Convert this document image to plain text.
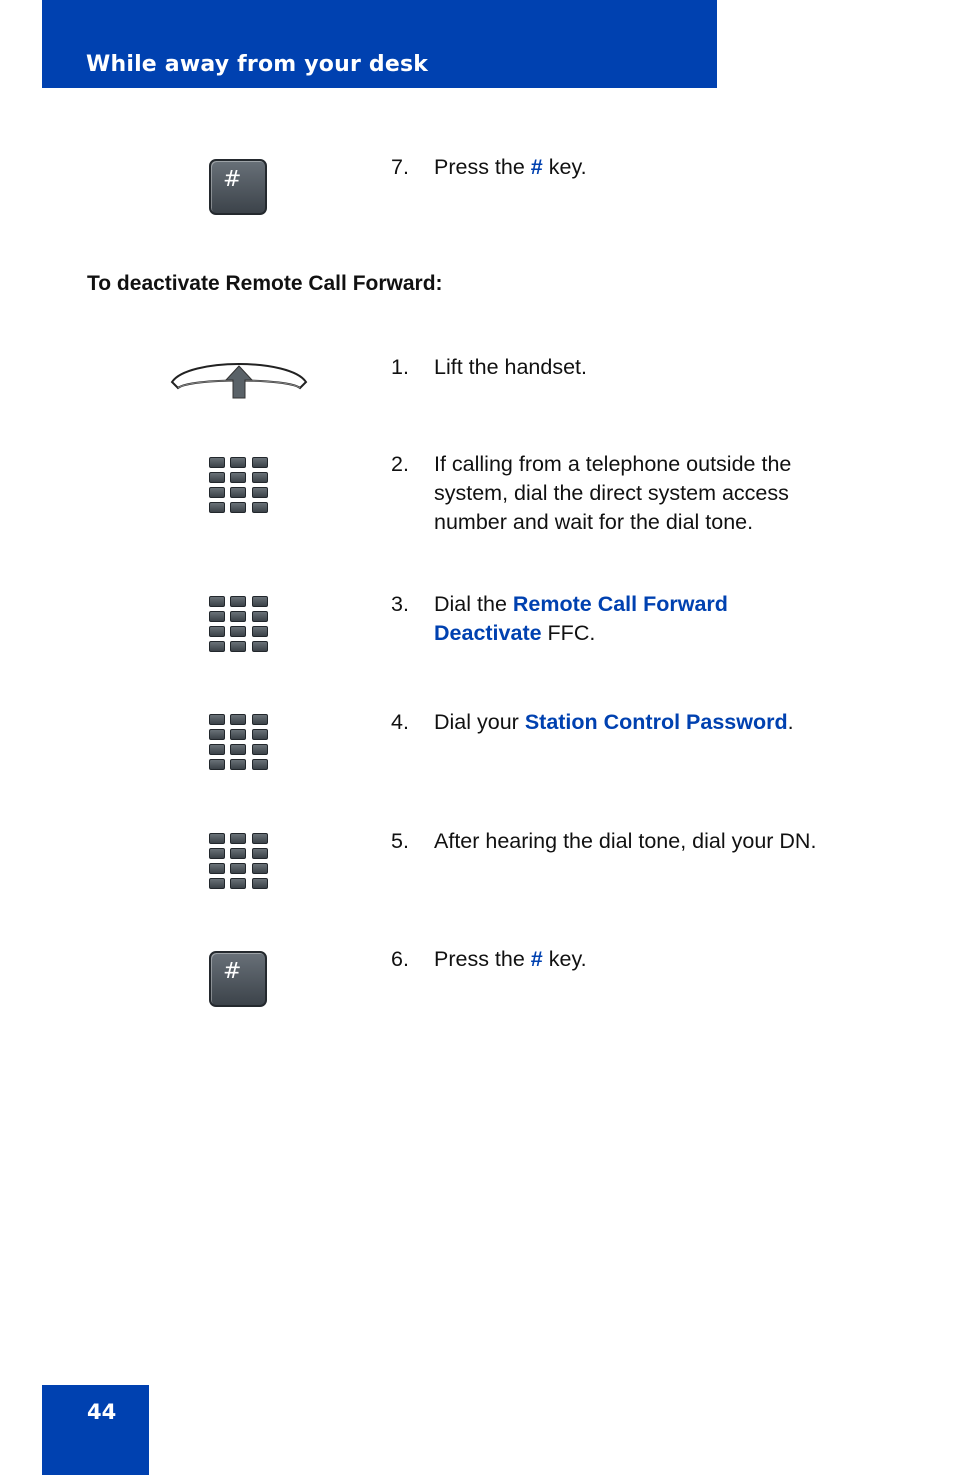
While away from your desk
#	7. Press the # key.
To deactivate Remote Call Forward:
1. Lift the handset.
2. If calling from a telephone outside the system, dial the direct system access number and wait for the dial tone.
3. Dial the Remote Call Forward Deactivate FFC.
4. Dial your Station Control Password.
5. After hearing the dial tone, dial your DN.
#	6. Press the # key.
44
